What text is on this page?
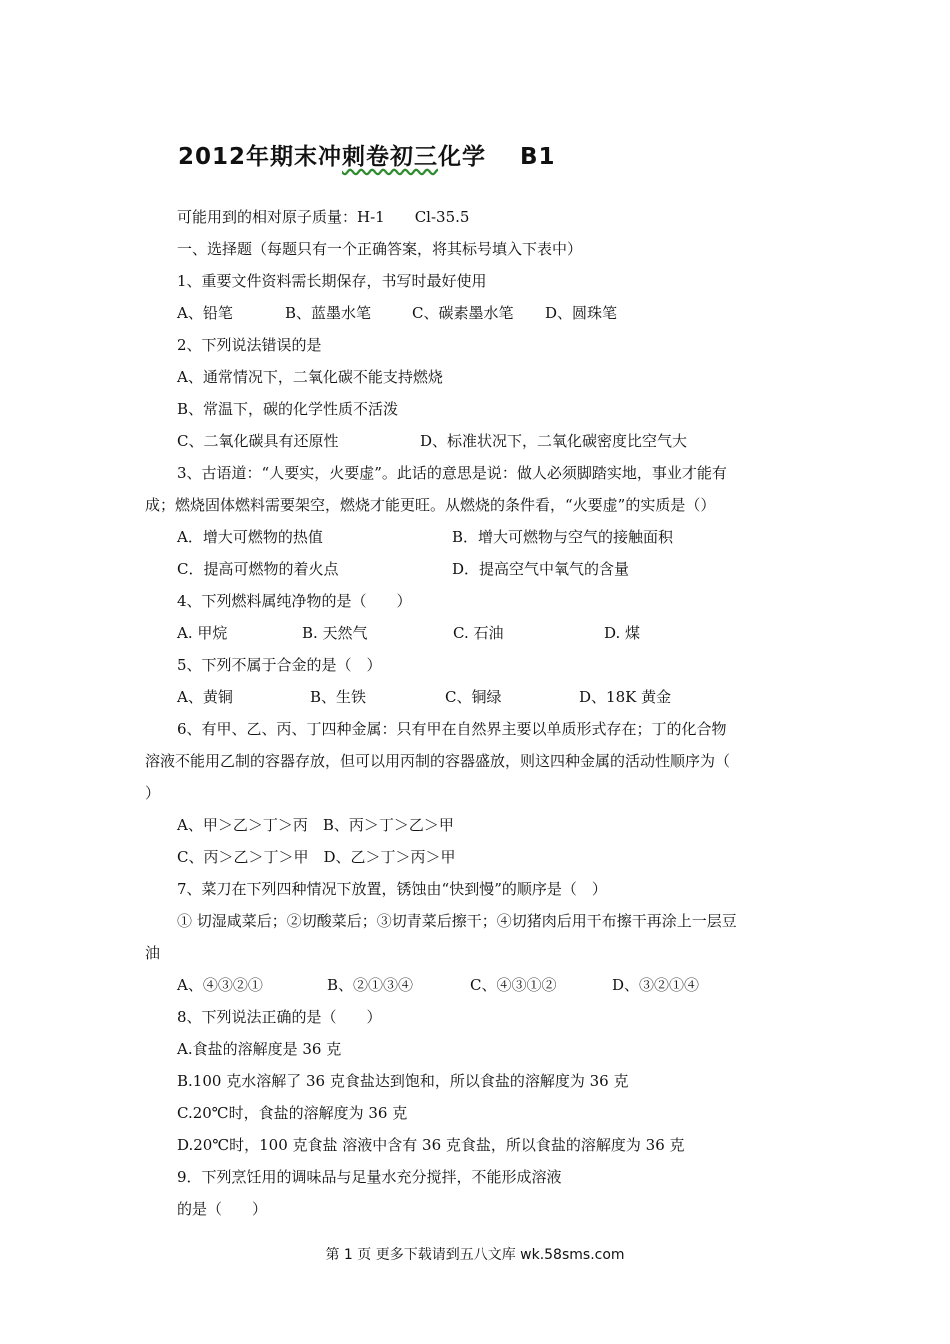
2012年期末冲刺卷初三化学 B1
可能用到的相对原子质量：H-1　　Cl-35.5
一、选择题（每题只有一个正确答案，将其标号填入下表中）
1、重要文件资料需长期保存，书写时最好使用
A、铅笔	B、蓝墨水笔	C、碳素墨水笔 D、圆珠笔
2、下列说法错误的是
A、通常情况下，二氧化碳不能支持燃烧
B、常温下，碳的化学性质不活泼
C、二氧化碳具有还原性	D、标准状况下，二氧化碳密度比空气大
3、古语道：“人要实，火要虚”。此话的意思是说：做人必须脚踏实地，事业才能有
成；燃烧固体燃料需要架空，燃烧才能更旺。从燃烧的条件看，“火要虚”的实质是（）
A．增大可燃物的热值	B．增大可燃物与空气的接触面积
C．提高可燃物的着火点	D．提高空气中氧气的含量
4、下列燃料属纯净物的是（　　）
A. 甲烷	B. 天然气	C. 石油	D. 煤
5、下列不属于合金的是（　）
A、黄铜	B、生铁	C、铜绿	D、18K 黄金
6、有甲、乙、丙、丁四种金属：只有甲在自然界主要以单质形式存在；丁的化合物
溶液不能用乙制的容器存放，但可以用丙制的容器盛放，则这四种金属的活动性顺序为（
）
A、甲＞乙＞丁＞丙　B、丙＞丁＞乙＞甲
C、丙＞乙＞丁＞甲　D、乙＞丁＞丙＞甲
7、菜刀在下列四种情况下放置，锈蚀由“快到慢”的顺序是（　）
① 切湿咸菜后；②切酸菜后；③切青菜后擦干；④切猪肉后用干布擦干再涂上一层豆
油
A、④③②①	B、②①③④	C、④③①②	D、③②①④
8、下列说法正确的是（　　）
A.食盐的溶解度是 36 克
B.100 克水溶解了 36 克食盐达到饱和，所以食盐的溶解度为 36 克
C.20℃时，食盐的溶解度为 36 克
D.20℃时，100 克食盐 溶液中含有 36 克食盐，所以食盐的溶解度为 36 克
9．下列烹饪用的调味品与足量水充分搅拌，不能形成溶液
的是（　　）
第 1 页 更多下载请到五八文库 wk.58sms.com
